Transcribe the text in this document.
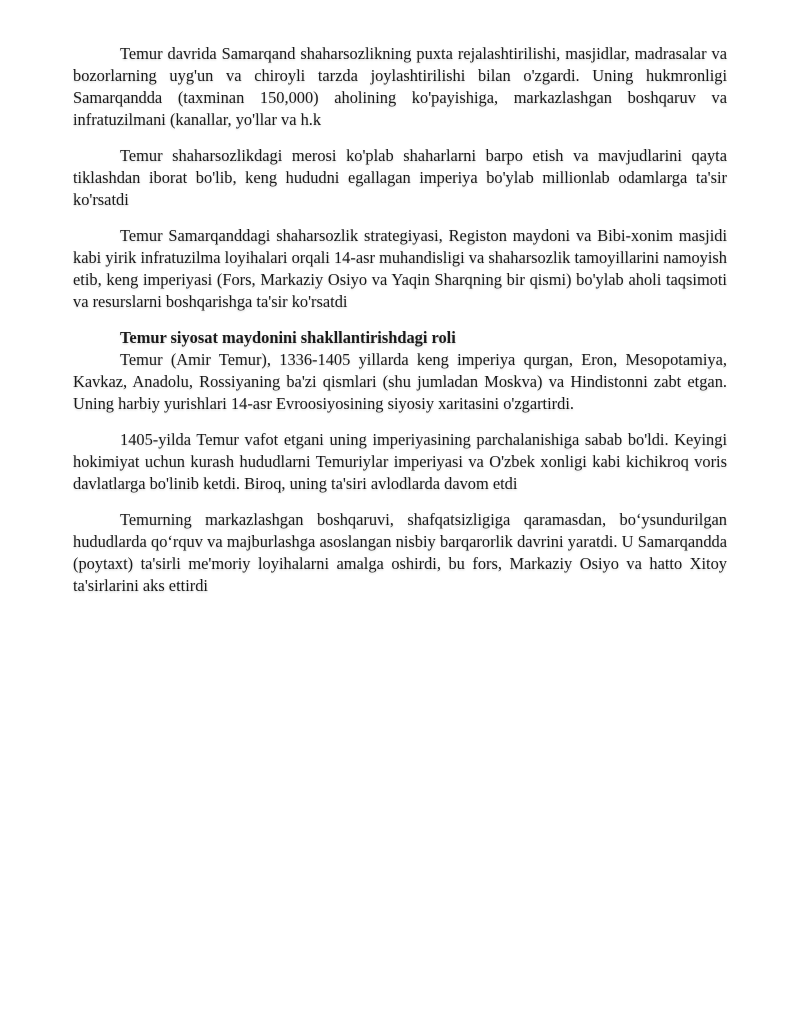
Temur davrida Samarqand shaharsozlikning puxta rejalashtirilishi, masjidlar, madrasalar va bozorlarning uyg'un va chiroyli tarzda joylashtirilishi bilan o'zgardi. Uning hukmronligi Samarqandda (taxminan 150,000) aholining ko'payishiga, markazlashgan boshqaruv va infratuzilmani (kanallar, yo'llar va h.k

Temur shaharsozlikdagi merosi ko'plab shaharlarni barpo etish va mavjudlarini qayta tiklashdan iborat bo'lib, keng hududni egallagan imperiya bo'ylab millionlab odamlarga ta'sir ko'rsatdi

Temur Samarqanddagi shaharsozlik strategiyasi, Registon maydoni va Bibi-xonim masjidi kabi yirik infratuzilma loyihalari orqali 14-asr muhandisligi va shaharsozlik tamoyillarini namoyish etib, keng imperiyasi (Fors, Markaziy Osiyo va Yaqin Sharqning bir qismi) bo'ylab aholi taqsimoti va resurslarni boshqarishga ta'sir ko'rsatdi

Temur siyosat maydonini shakllantirishdagi roli

Temur (Amir Temur), 1336-1405 yillarda keng imperiya qurgan, Eron, Mesopotamiya, Kavkaz, Anadolu, Rossiyaning ba'zi qismlari (shu jumladan Moskva) va Hindistonni zabt etgan. Uning harbiy yurishlari 14-asr Evroosiyosining siyosiy xaritasini o'zgartirdi.

1405-yilda Temur vafot etgani uning imperiyasining parchalanishiga sabab bo'ldi. Keyingi hokimiyat uchun kurash hududlarni Temuriylar imperiyasi va O'zbek xonligi kabi kichikroq voris davlatlarga bo'linib ketdi. Biroq, uning ta'siri avlodlarda davom etdi

Temurning markazlashgan boshqaruvi, shafqatsizligiga qaramasdan, bo‘ysundurilgan hududlarda qo‘rquv va majburlashga asoslangan nisbiy barqarorlik davrini yaratdi. U Samarqandda (poytaxt) ta'sirli me'moriy loyihalarni amalga oshirdi, bu fors, Markaziy Osiyo va hatto Xitoy ta'sirlarini aks ettirdi
